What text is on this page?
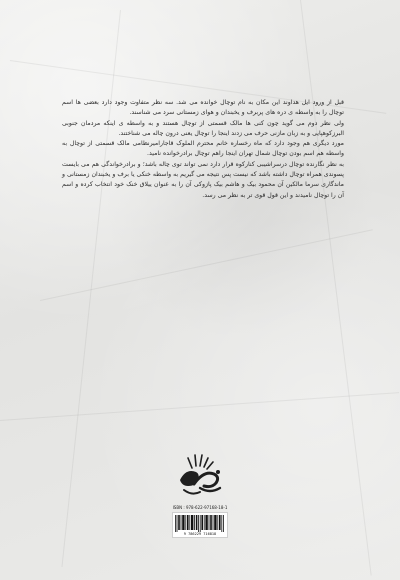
قبل از ورود ایل هداوند این مکان به نام توچال خوانده می شد. سه نظر متفاوت وجود دارد بعضی ها اسم توچال را به واسطه ی دره های پربرف و یخبندان و هوای زمستانی سرد می شناسند.

ولی نظر دوم می گوید چون کنی ها مالک قسمتی از توچال هستند و به واسطه ی اینکه مردمان جنوبی البرزکوهپایی و به زبان مازنی حرف می زدند اینجا را توچال یعنی درون چاله می شناختند.

مورد دیگری هم وجود دارد که ماه رخساره خانم محترم الملوک قاجارامیرنظامی مالک قسمتی از توچال به واسطه هم اسم بودن توچال شمال تهران اینجا راهم توچال برادرخوانده نامید.

به نظر نگارنده توچال درسراشیبی کنارکوه قرار دارد نمی تواند توی چاله باشد؛ و برادرخواندگی هم می بایست پسوندی همراه توچال داشته باشد که نیست پس نتیجه می گیریم به واسطه خنکی یا برف و یخبندان زمستانی و ماندگاری سرما مالکین آن محمود بیک و هاشم بیک پازوکی آن را به عنوان ییلاق خنک خود انتخاب کرده و اسم آن را توچال نامیدند و این قول قوی تر به نظر می رسد.

ISBN : 978-622-97168-18-1
9 786229 716818
